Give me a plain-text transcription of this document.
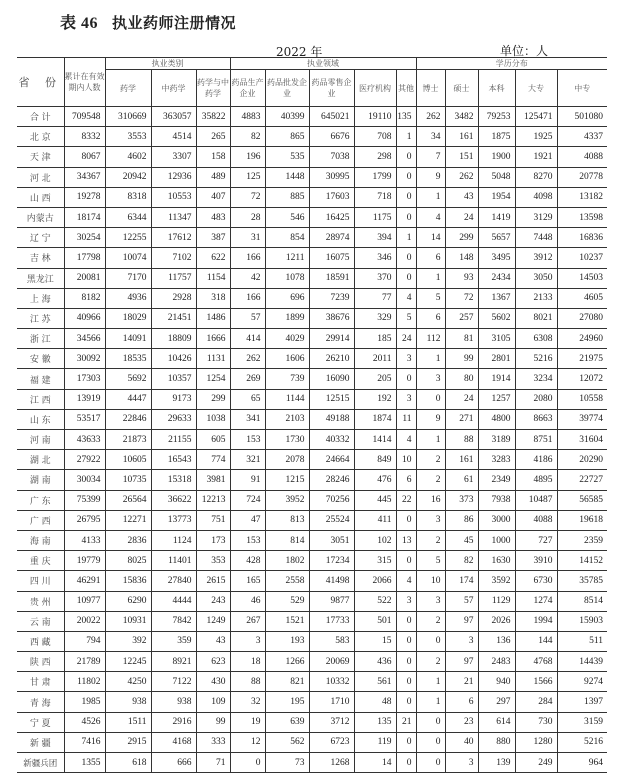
表 46 执业药师注册情况
2022 年	单位：人
省 份	累计在有效期内人数	执业类别			执业领域					学历分布				
		药学	中药学	药学与中药学	药品生产企业	药品批发企业	药品零售企业	医疗机构	其他	博士	硕士	本科	大专	中专
合 计	709548	310669	363057	35822	4883	40399	645021	19110	135	262	3482	79253	125471	501080
北 京	8332	3553	4514	265	82	865	6676	708	1	34	161	1875	1925	4337
天 津	8067	4602	3307	158	196	535	7038	298	0	7	151	1900	1921	4088
河 北	34367	20942	12936	489	125	1448	30995	1799	0	9	262	5048	8270	20778
山 西	19278	8318	10553	407	72	885	17603	718	0	1	43	1954	4098	13182
内蒙古	18174	6344	11347	483	28	546	16425	1175	0	4	24	1419	3129	13598
辽 宁	30254	12255	17612	387	31	854	28974	394	1	14	299	5657	7448	16836
吉 林	17798	10074	7102	622	166	1211	16075	346	0	6	148	3495	3912	10237
黑龙江	20081	7170	11757	1154	42	1078	18591	370	0	1	93	2434	3050	14503
上 海	8182	4936	2928	318	166	696	7239	77	4	5	72	1367	2133	4605
江 苏	40966	18029	21451	1486	57	1899	38676	329	5	6	257	5602	8021	27080
浙 江	34566	14091	18809	1666	414	4029	29914	185	24	112	81	3105	6308	24960
安 徽	30092	18535	10426	1131	262	1606	26210	2011	3	1	99	2801	5216	21975
福 建	17303	5692	10357	1254	269	739	16090	205	0	3	80	1914	3234	12072
江 西	13919	4447	9173	299	65	1144	12515	192	3	0	24	1257	2080	10558
山 东	53517	22846	29633	1038	341	2103	49188	1874	11	9	271	4800	8663	39774
河 南	43633	21873	21155	605	153	1730	40332	1414	4	1	88	3189	8751	31604
湖 北	27922	10605	16543	774	321	2078	24664	849	10	2	161	3283	4186	20290
湖 南	30034	10735	15318	3981	91	1215	28246	476	6	2	61	2349	4895	22727
广 东	75399	26564	36622	12213	724	3952	70256	445	22	16	373	7938	10487	56585
广 西	26795	12271	13773	751	47	813	25524	411	0	3	86	3000	4088	19618
海 南	4133	2836	1124	173	153	814	3051	102	13	2	45	1000	727	2359
重 庆	19779	8025	11401	353	428	1802	17234	315	0	5	82	1630	3910	14152
四 川	46291	15836	27840	2615	165	2558	41498	2066	4	10	174	3592	6730	35785
贵 州	10977	6290	4444	243	46	529	9877	522	3	3	57	1129	1274	8514
云 南	20022	10931	7842	1249	267	1521	17733	501	0	2	97	2026	1994	15903
西 藏	794	392	359	43	3	193	583	15	0	0	3	136	144	511
陕 西	21789	12245	8921	623	18	1266	20069	436	0	2	97	2483	4768	14439
甘 肃	11802	4250	7122	430	88	821	10332	561	0	1	21	940	1566	9274
青 海	1985	938	938	109	32	195	1710	48	0	1	6	297	284	1397
宁 夏	4526	1511	2916	99	19	639	3712	135	21	0	23	614	730	3159
新 疆	7416	2915	4168	333	12	562	6723	119	0	0	40	880	1280	5216
新疆兵团	1355	618	666	71	0	73	1268	14	0	0	3	139	249	964
